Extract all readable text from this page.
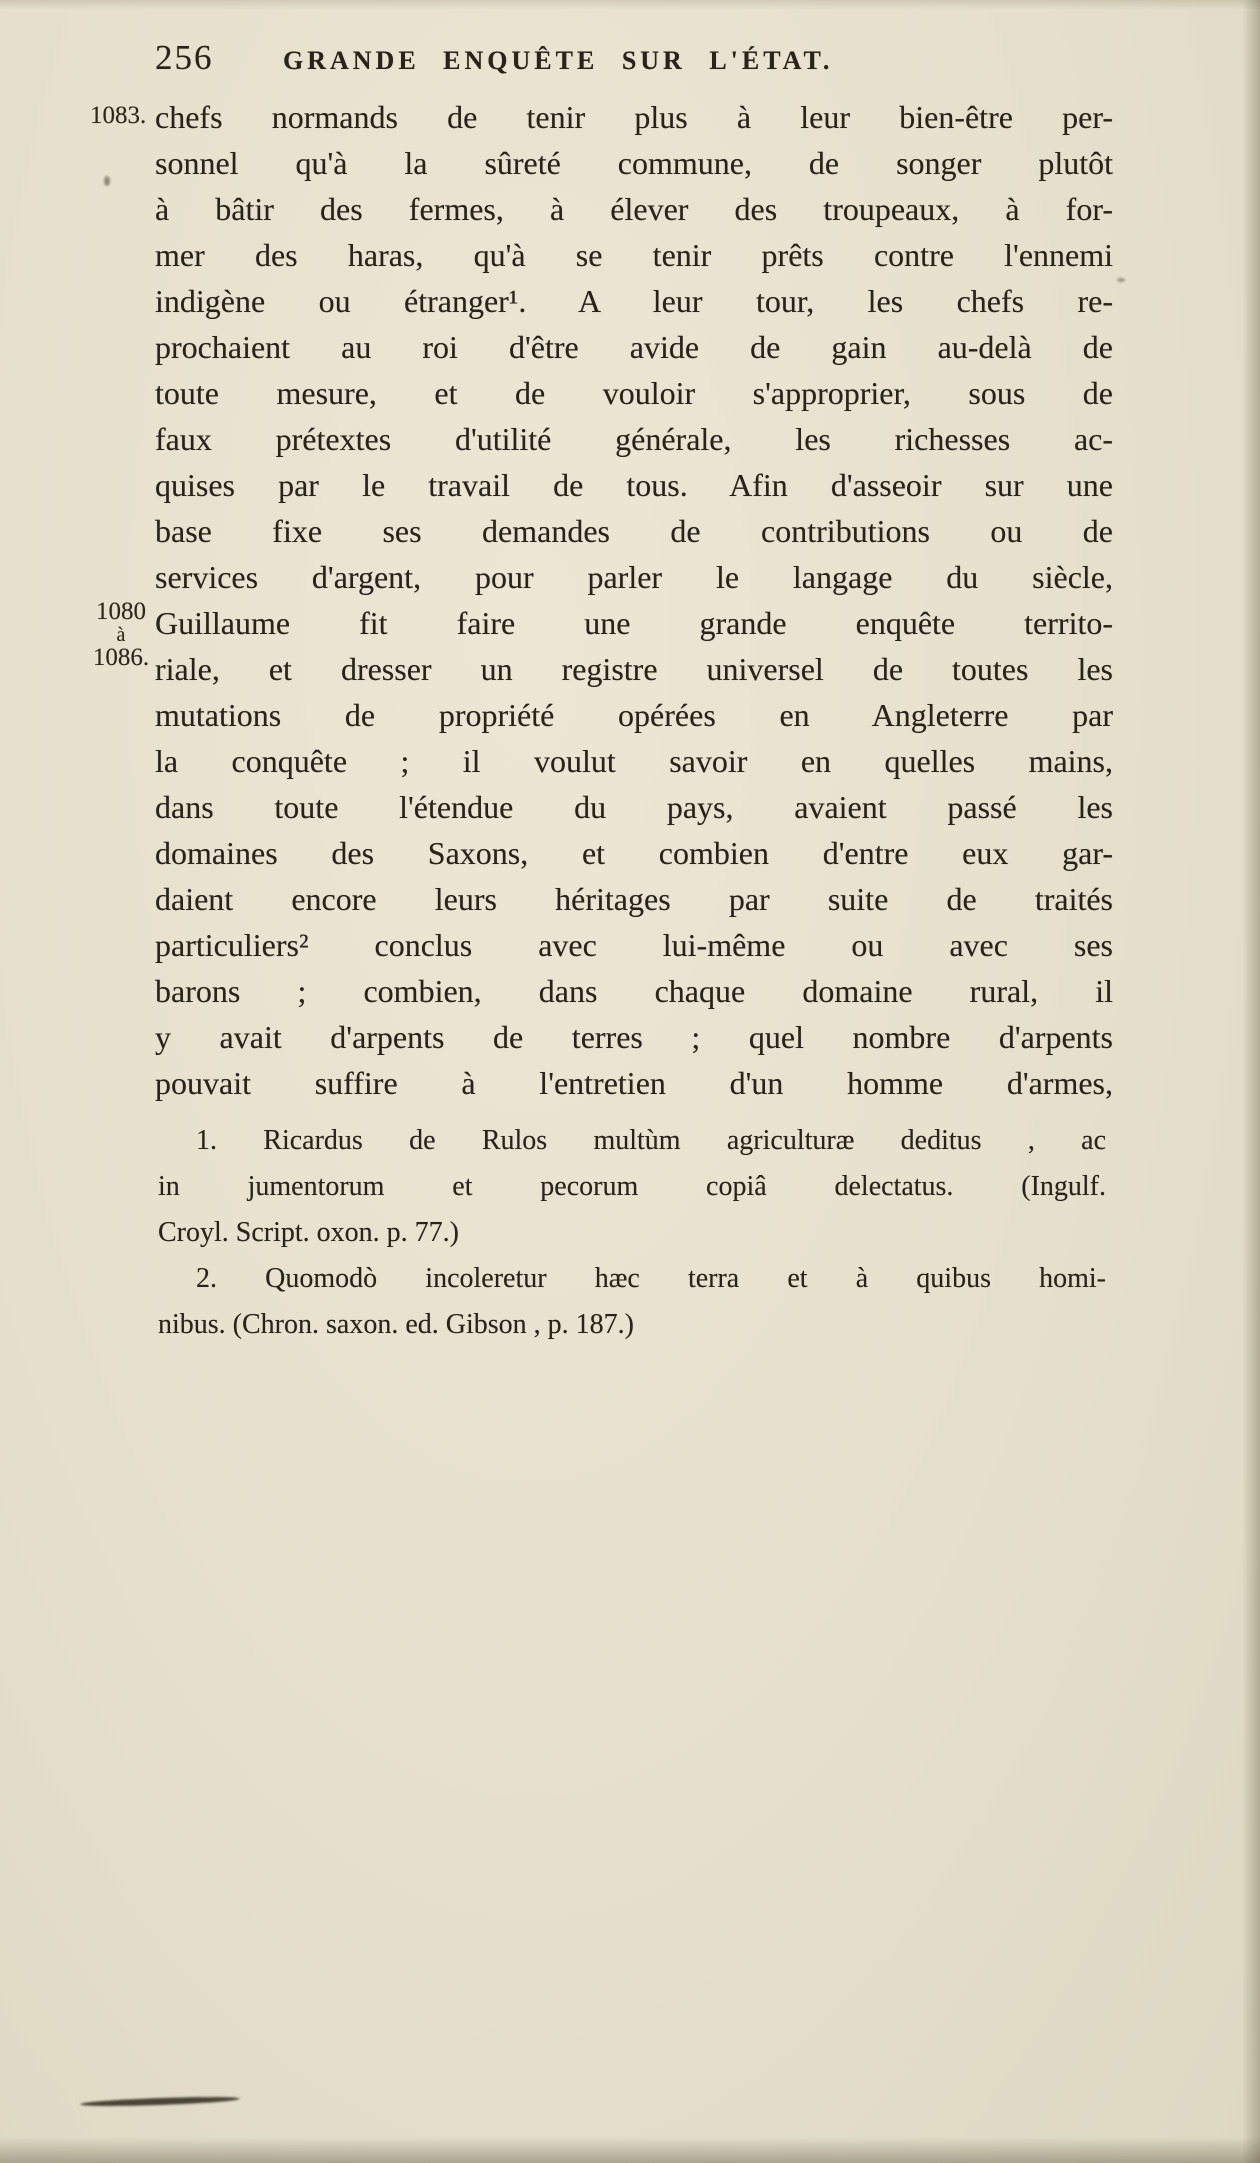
256	GRANDE ENQUÊTE SUR L'ÉTAT.
1083.
1080
à
1086.
chefs normands de tenir plus à leur bien-être per-
sonnel qu'à la sûreté commune, de songer plutôt
à bâtir des fermes, à élever des troupeaux, à for-
mer des haras, qu'à se tenir prêts contre l'ennemi
indigène ou étranger¹. A leur tour, les chefs re-
prochaient au roi d'être avide de gain au-delà de
toute mesure, et de vouloir s'approprier, sous de
faux prétextes d'utilité générale, les richesses ac-
quises par le travail de tous. Afin d'asseoir sur une
base fixe ses demandes de contributions ou de
services d'argent, pour parler le langage du siècle,
Guillaume fit faire une grande enquête territo-
riale, et dresser un registre universel de toutes les
mutations de propriété opérées en Angleterre par
la conquête ; il voulut savoir en quelles mains,
dans toute l'étendue du pays, avaient passé les
domaines des Saxons, et combien d'entre eux gar-
daient encore leurs héritages par suite de traités
particuliers² conclus avec lui-même ou avec ses
barons ; combien, dans chaque domaine rural, il
y avait d'arpents de terres ; quel nombre d'arpents
pouvait suffire à l'entretien d'un homme d'armes,
1. Ricardus de Rulos multùm agriculturæ deditus , ac
in jumentorum et pecorum copiâ delectatus. (Ingulf.
Croyl. Script. oxon. p. 77.)
2. Quomodò incoleretur hæc terra et à quibus homi-
nibus. (Chron. saxon. ed. Gibson , p. 187.)
